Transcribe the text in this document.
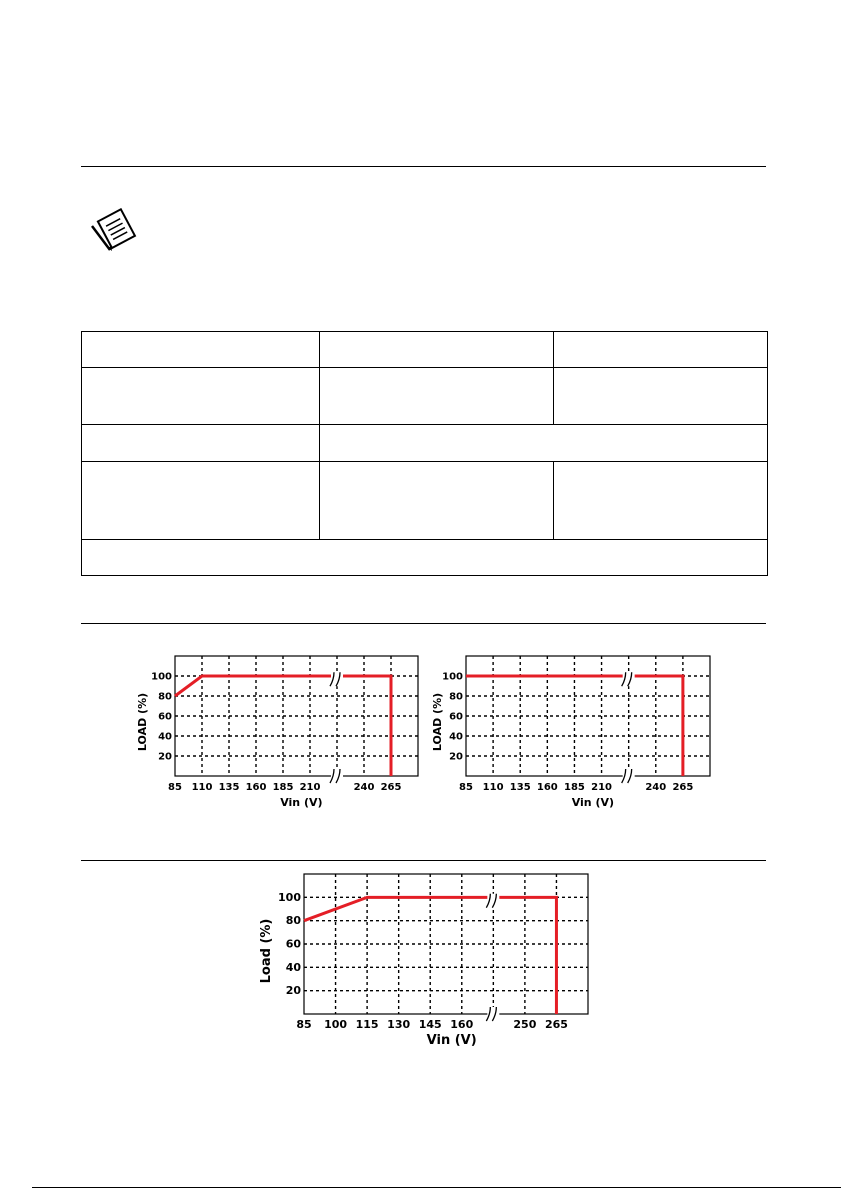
20
40
60
80
100
85 110 135 160 185 210	240 265
Vin (V)
LOAD (%)
20
40
60
80
100
85 110 135 160 185 210	240 265
Vin (V)
LOAD (%)
20
40
60
80
100
85 100 115 130 145 160	250 265
Vin (V)
Load (%)
